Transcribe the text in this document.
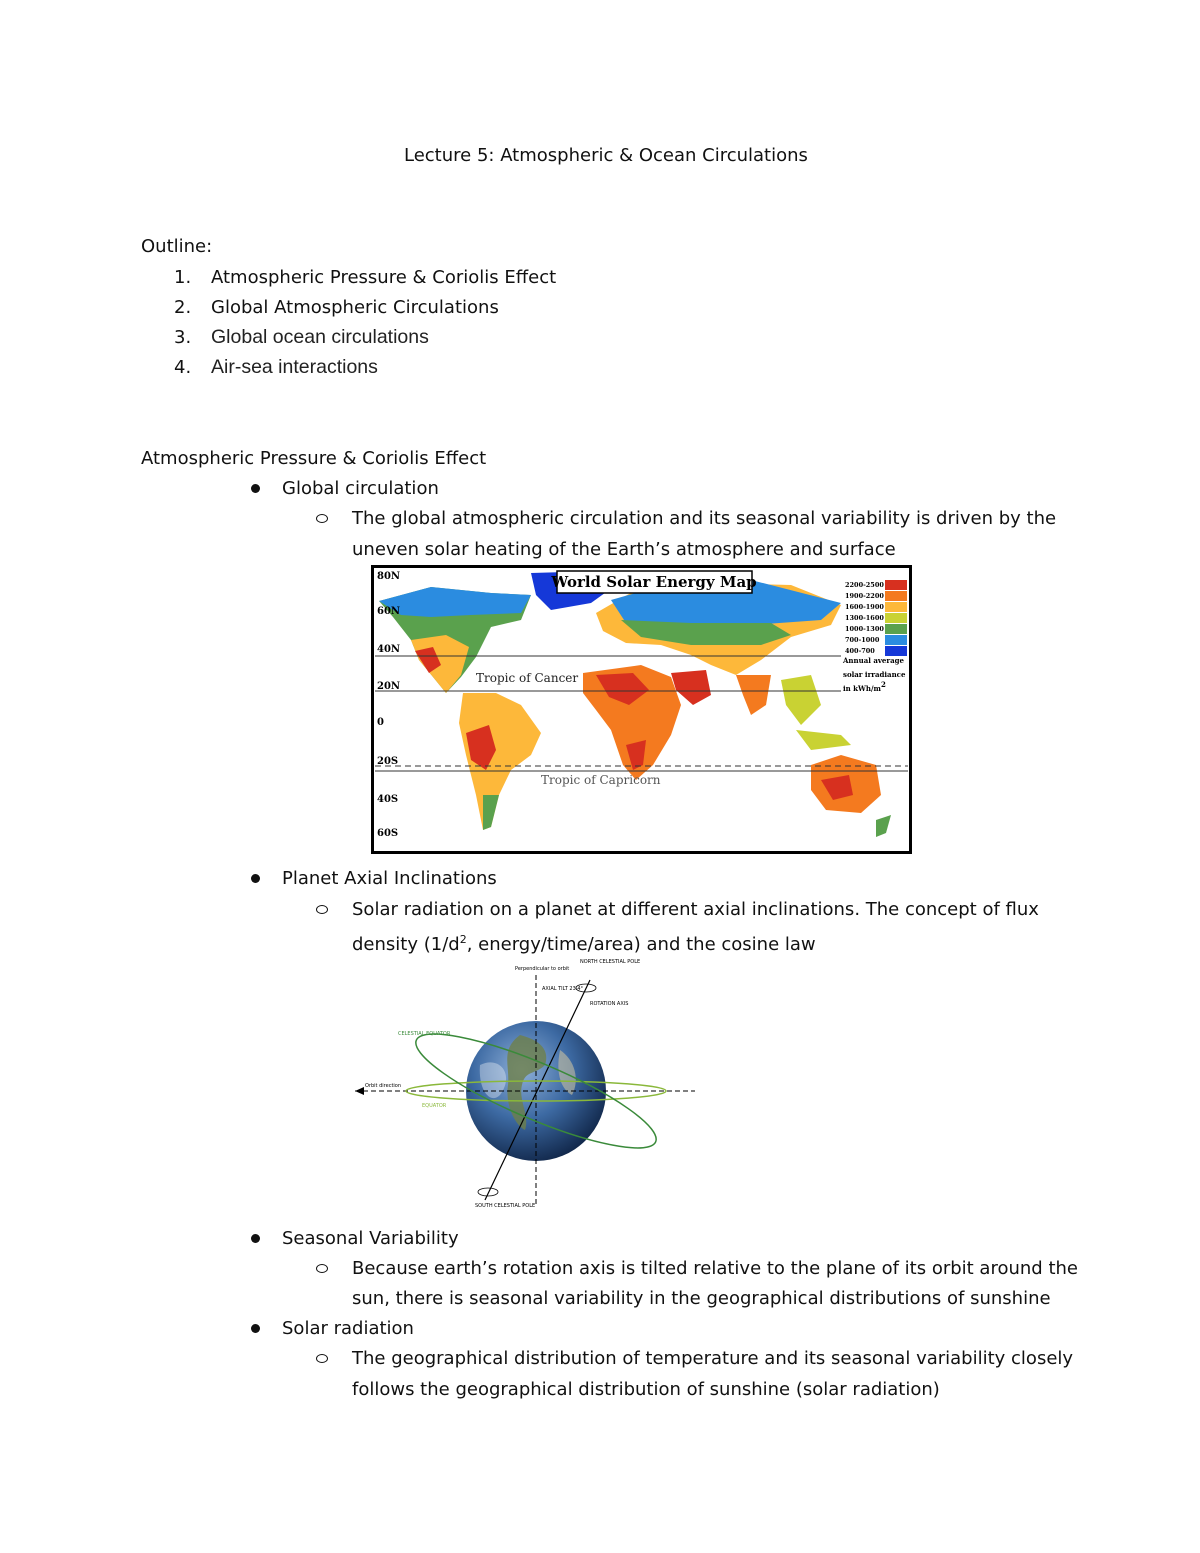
Lecture 5: Atmospheric & Ocean Circulations
Outline:
1. Atmospheric Pressure & Coriolis Effect
2. Global Atmospheric Circulations
3. Global ocean circulations
4. Air-sea interactions
Atmospheric Pressure & Coriolis Effect
Global circulation
The global atmospheric circulation and its seasonal variability is driven by the
uneven solar heating of the Earth’s atmosphere and surface
World Solar Energy Map
80N
60N
40N
20N
0
20S
40S
60S
Tropic of Cancer
Tropic of Capricorn
2200-2500
1900-2200
1600-1900
1300-1600
1000-1300
700-1000
400-700
Annual average
solar irradiance
in kWh/m 2
Planet Axial Inclinations
Solar radiation on a planet at different axial inclinations. The concept of flux
density ($1/d^2$, energy/time/area) and the cosine law
Perpendicular to orbit
AXIAL TILT 23.4°
ROTATION AXIS
NORTH CELESTIAL POLE
CELESTIAL EQUATOR
Orbit direction
EQUATOR
SOUTH CELESTIAL POLE
Seasonal Variability
Because earth’s rotation axis is tilted relative to the plane of its orbit around the
sun, there is seasonal variability in the geographical distributions of sunshine
Solar radiation
The geographical distribution of temperature and its seasonal variability closely
follows the geographical distribution of sunshine (solar radiation)
